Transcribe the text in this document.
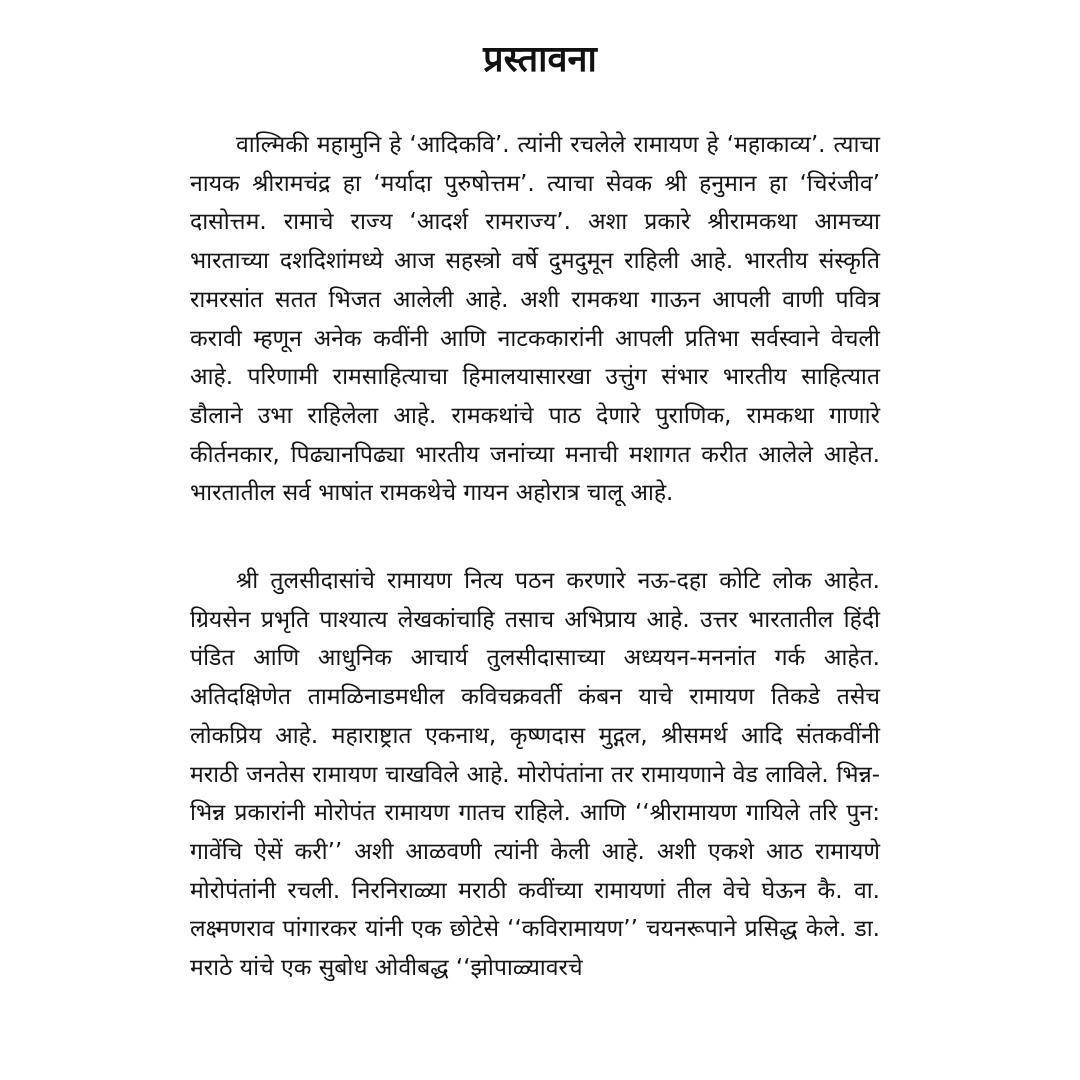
प्रस्तावना

वाल्मिकी महामुनि हे ‘आदिकवि’. त्यांनी रचलेले रामायण हे ‘महाकाव्य’. त्याचा नायक श्रीरामचंद्र हा ‘मर्यादा पुरुषोत्तम’. त्याचा सेवक श्री हनुमान हा ‘चिरंजीव’ दासोत्तम. रामाचे राज्य ‘आदर्श रामराज्य’. अशा प्रकारे श्रीरामकथा आमच्या भारताच्या दशदिशांमध्ये आज सहस्त्रो वर्षे दुमदुमून राहिली आहे. भारतीय संस्कृति रामरसांत सतत भिजत आलेली आहे. अशी रामकथा गाऊन आपली वाणी पवित्र करावी म्हणून अनेक कवींनी आणि नाटककारांनी आपली प्रतिभा सर्वस्वाने वेचली आहे. परिणामी रामसाहित्याचा हिमालयासारखा उत्तुंग संभार भारतीय साहित्यात डौलाने उभा राहिलेला आहे. रामकथांचे पाठ देणारे पुराणिक, रामकथा गाणारे कीर्तनकार, पिढ्यानपिढ्या भारतीय जनांच्या मनाची मशागत करीत आलेले आहेत. भारतातील सर्व भाषांत रामकथेचे गायन अहोरात्र चालू आहे.

श्री तुलसीदासांचे रामायण नित्य पठन करणारे नऊ-दहा कोटि लोक आहेत. ग्रियसेन प्रभृति पाश्यात्य लेखकांचाहि तसाच अभिप्राय आहे. उत्तर भारतातील हिंदी पंडित आणि आधुनिक आचार्य तुलसीदासाच्या अध्ययन-मननांत गर्क आहेत. अतिदक्षिणेत तामळिनाडमधील कविचक्रवर्ती कंबन याचे रामायण तिकडे तसेच लोकप्रिय आहे. महाराष्ट्रात एकनाथ, कृष्णदास मुद्गल, श्रीसमर्थ आदि संतकवींनी मराठी जनतेस रामायण चाखविले आहे. मोरोपंतांना तर रामायणाने वेड लाविले. भिन्न-भिन्न प्रकारांनी मोरोपंत रामायण गातच राहिले. आणि ‘‘श्रीरामायण गायिले तरि पुन: गावेंचि ऐसें करी’’ अशी आळवणी त्यांनी केली आहे. अशी एकशे आठ रामायणे मोरोपंतांनी रचली. निरनिराळ्या मराठी कवींच्या रामायणां तील वेचे घेऊन कै. वा. लक्ष्मणराव पांगारकर यांनी एक छोटेसे ‘‘कविरामायण’’ चयनरूपाने प्रसिद्ध केले. डा. मराठे यांचे एक सुबोध ओवीबद्ध ‘‘झोपाळ्यावरचे
